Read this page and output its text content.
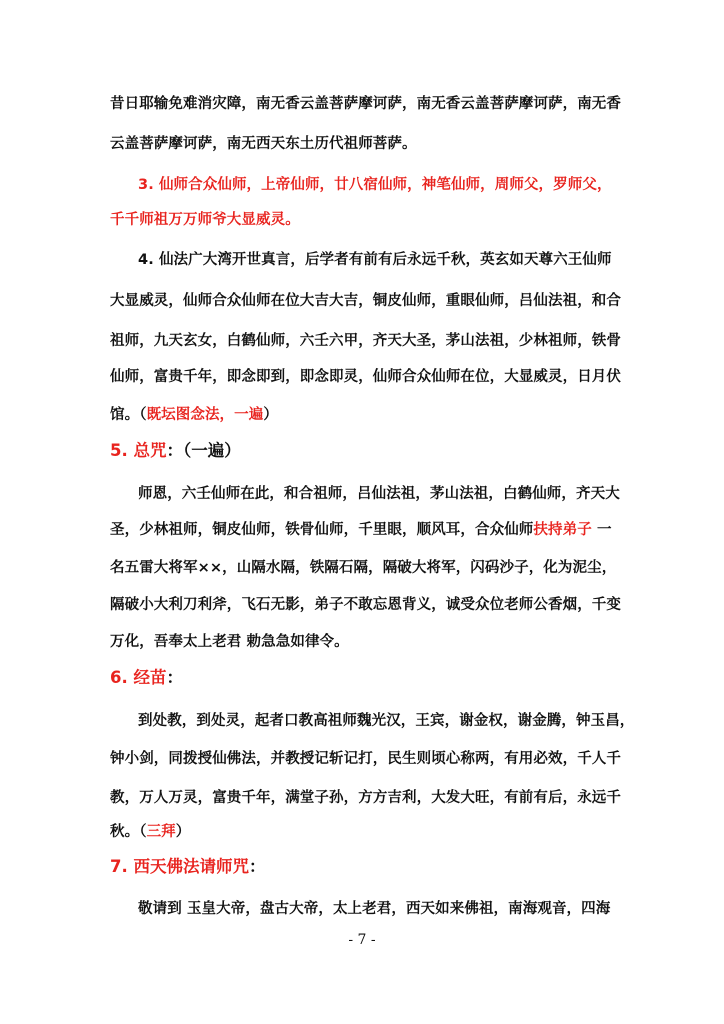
昔日耶输免难消灾障，南无香云盖菩萨摩诃萨，南无香云盖菩萨摩诃萨，南无香
云盖菩萨摩诃萨，南无西天东土历代祖师菩萨。
3. 仙师合众仙师，上帝仙师，廿八宿仙师，神笔仙师，周师父，罗师父，
千千师祖万万师爷大显威灵。
4. 仙法广大湾开世真言，后学者有前有后永远千秋，英玄如天尊六王仙师
大显威灵，仙师合众仙师在位大吉大吉，铜皮仙师，重眼仙师，吕仙法祖，和合
祖师，九天玄女，白鹤仙师，六壬六甲，齐天大圣，茅山法祖，少林祖师，铁骨
仙师，富贵千年，即念即到，即念即灵，仙师合众仙师在位，大显威灵，日月伏
馆。（既坛图念法，一遍）
5. 总咒：（一遍）
师恩，六壬仙师在此，和合祖师，吕仙法祖，茅山法祖，白鹤仙师，齐天大
圣，少林祖师，铜皮仙师，铁骨仙师，千里眼，顺风耳，合众仙师扶持弟子 一
名五雷大将军××，山隔水隔，铁隔石隔，隔破大将军，闪码沙子，化为泥尘，
隔破小大利刀利斧，飞石无影，弟子不敢忘恩背义，诚受众位老师公香烟，千变
万化，吾奉太上老君 勅急急如律令。
6. 经苗：
到处教，到处灵，起者口教高祖师魏光汉，王宾，谢金权，谢金腾，钟玉昌，
钟小剑，同拨授仙佛法，并教授记斩记打，民生则顷心称两，有用必效，千人千
教，万人万灵，富贵千年，满堂子孙，方方吉利，大发大旺，有前有后，永远千
秋。（三拜）
7. 西天佛法请师咒：
敬请到 玉皇大帝，盘古大帝，太上老君，西天如来佛祖，南海观音，四海
- 7 -
